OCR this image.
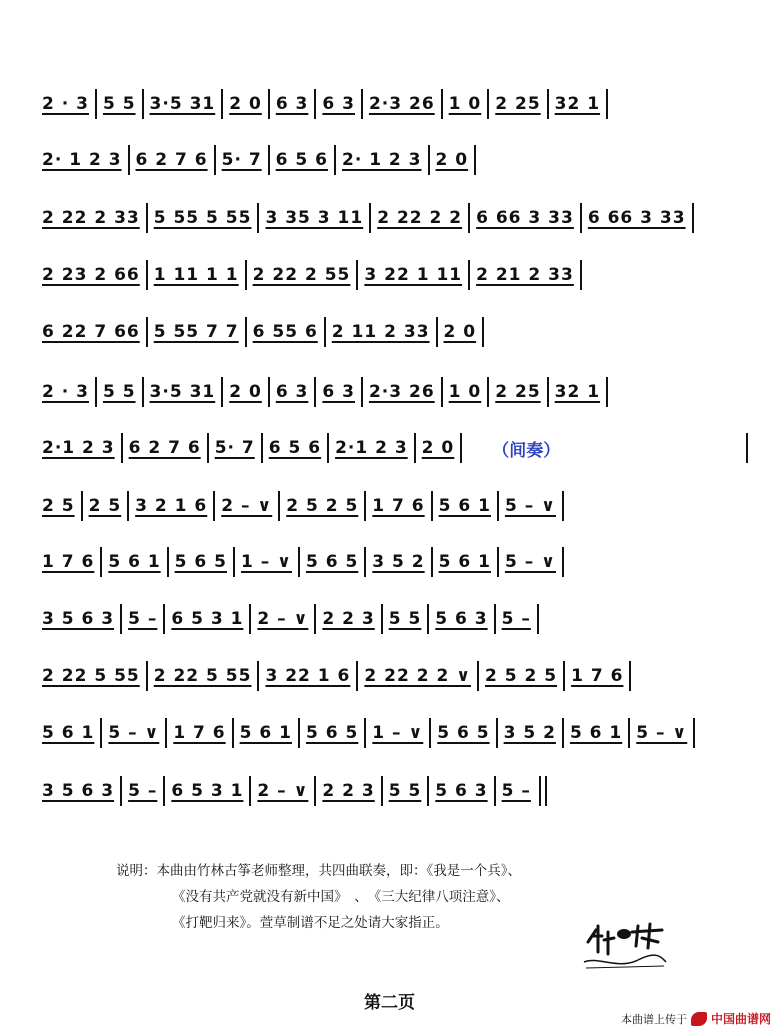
2 · 3 5 5 3·5 31 2 0 6 3 6 3 2·3 26 1 0 2 25 32 1
2· 1 2 3 6 2 7 6 5· 7 6 5 6 2· 1 2 3 2 0
2 22 2 33 5 55 5 55 3 35 3 11 2 22 2 2 6 66 3 33 6 66 3 33
2 23 2 66 1 11 1 1 2 22 2 55 3 22 1 11 2 21 2 33
6 22 7 66 5 55 7 7 6 55 6 2 11 2 33 2 0
2 · 3 5 5 3·5 31 2 0 6 3 6 3 2·3 26 1 0 2 25 32 1
2·1 2 3 6 2 7 6 5· 7 6 5 6 2·1 2 3 2 0 （间奏）
2 5 2 5 3 2 1 6 2 – ∨ 2 5 2 5 1 7 6 5 6 1 5 – ∨
1 7 6 5 6 1 5 6 5 1 – ∨ 5 6 5 3 5 2 5 6 1 5 – ∨
3 5 6 3 5 – 6 5 3 1 2 – ∨ 2 2 3 5 5 5 6 3 5 –
2 22 5 55 2 22 5 55 3 22 1 6 2 22 2 2 ∨ 2 5 2 5 1 7 6
5 6 1 5 – ∨ 1 7 6 5 6 1 5 6 5 1 – ∨ 5 6 5 3 5 2 5 6 1 5 – ∨
3 5 6 3 5 – 6 5 3 1 2 – ∨ 2 2 3 5 5 5 6 3 5 –
说明：本曲由竹林古筝老师整理，共四曲联奏，即：《我是一个兵》、
《没有共产党就没有新中国》　、　《三大纪律八项注意》、
《打靶归来》。萱草制谱不足之处请大家指正。
第二页
本曲谱上传于 中国曲谱网
